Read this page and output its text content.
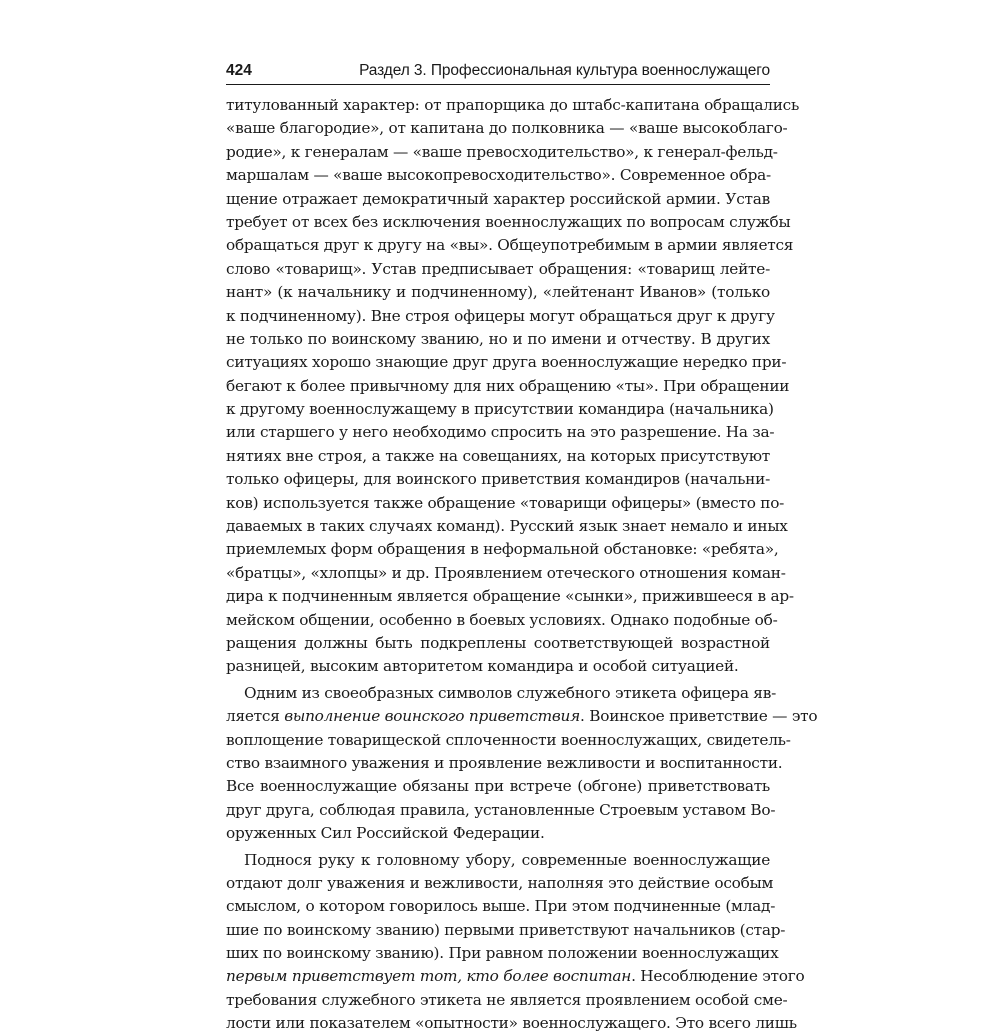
424	Раздел 3. Профессиональная культура военнослужащего
титулованный характер: от прапорщика до штабс-капитана обращались
«ваше благородие», от капитана до полковника — «ваше высокоблаго-
родие», к генералам — «ваше превосходительство», к генерал-фельд-
маршалам — «ваше высокопревосходительство». Современное обра-
щение отражает демократичный характер российской армии. Устав
требует от всех без исключения военнослужащих по вопросам службы
обращаться друг к другу на «вы». Общеупотребимым в армии является
слово «товарищ». Устав предписывает обращения: «товарищ лейте-
нант» (к начальнику и подчиненному), «лейтенант Иванов» (только
к подчиненному). Вне строя офицеры могут обращаться друг к другу
не только по воинскому званию, но и по имени и отчеству. В других
ситуациях хорошо знающие друг друга военнослужащие нередко при-
бегают к более привычному для них обращению «ты». При обращении
к другому военнослужащему в присутствии командира (начальника)
или старшего у него необходимо спросить на это разрешение. На за-
нятиях вне строя, а также на совещаниях, на которых присутствуют
только офицеры, для воинского приветствия командиров (начальни-
ков) используется также обращение «товарищи офицеры» (вместо по-
даваемых в таких случаях команд). Русский язык знает немало и иных
приемлемых форм обращения в неформальной обстановке: «ребята»,
«братцы», «хлопцы» и др. Проявлением отеческого отношения коман-
дира к подчиненным является обращение «сынки», прижившееся в ар-
мейском общении, особенно в боевых условиях. Однако подобные об-
ращения должны быть подкреплены соответствующей возрастной
разницей, высоким авторитетом командира и особой ситуацией.
Одним из своеобразных символов служебного этикета офицера яв-
ляется выполнение воинского приветствия. Воинское приветствие — это
воплощение товарищеской сплоченности военнослужащих, свидетель-
ство взаимного уважения и проявление вежливости и воспитанности.
Все военнослужащие обязаны при встрече (обгоне) приветствовать
друг друга, соблюдая правила, установленные Строевым уставом Во-
оруженных Сил Российской Федерации.
Поднося руку к головному убору, современные военнослужащие
отдают долг уважения и вежливости, наполняя это действие особым
смыслом, о котором говорилось выше. При этом подчиненные (млад-
шие по воинскому званию) первыми приветствуют начальников (стар-
ших по воинскому званию). При равном положении военнослужащих
первым приветствует тот, кто более воспитан. Несоблюдение этого
требования служебного этикета не является проявлением особой сме-
лости или показателем «опытности» военнослужащего. Это всего лишь
